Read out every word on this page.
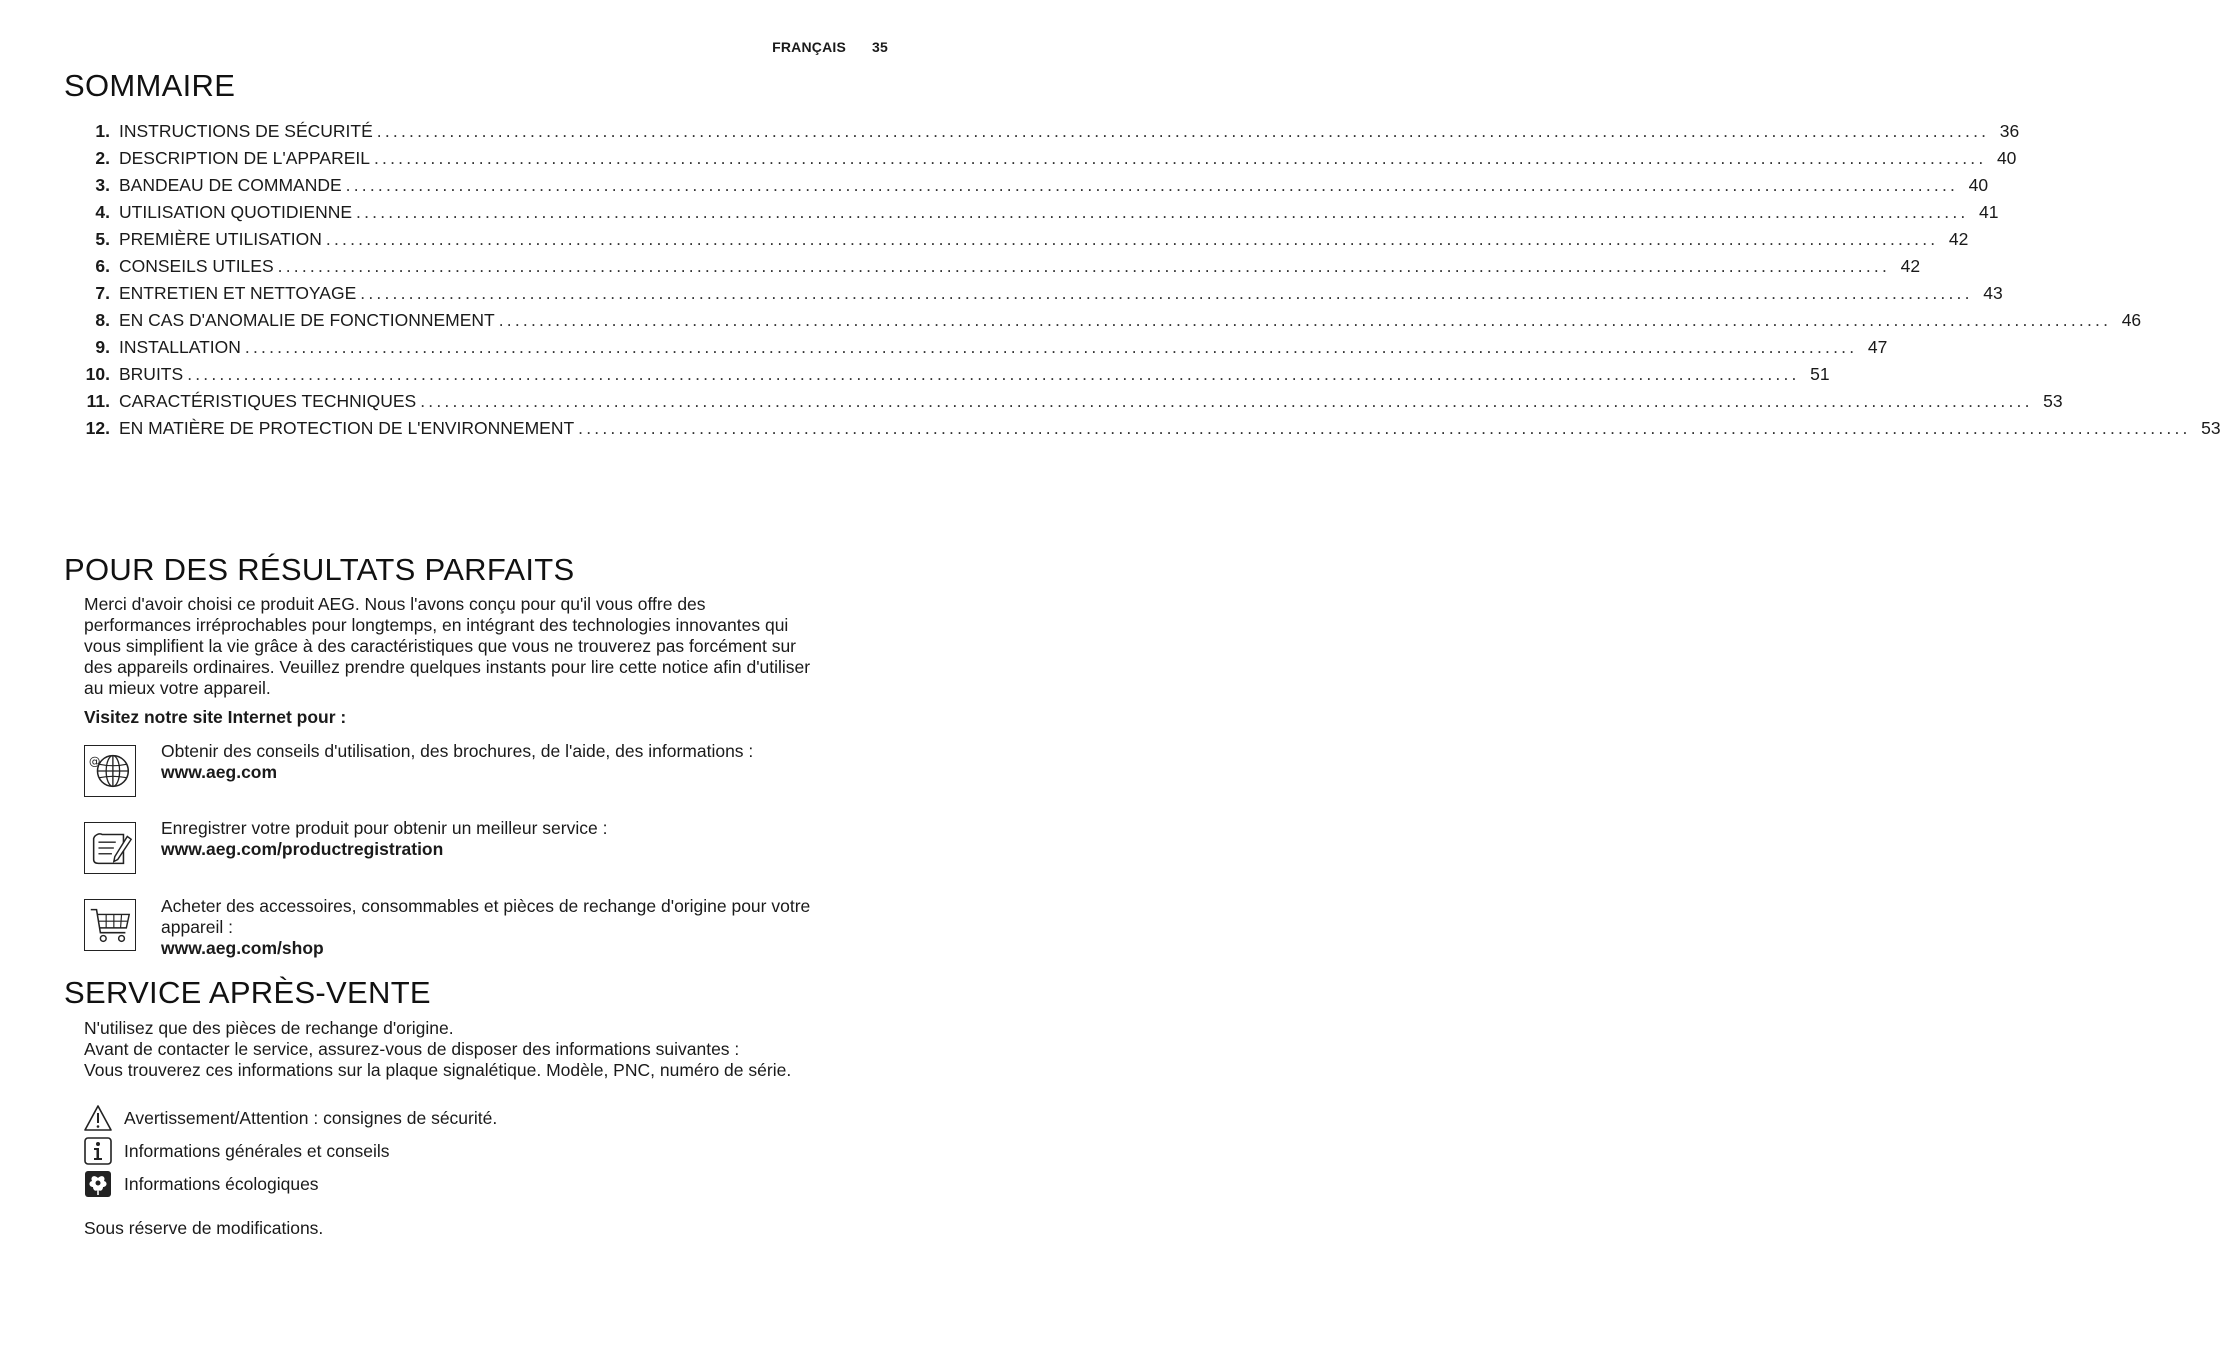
FRANÇAIS 35
SOMMAIRE
1. INSTRUCTIONS DE SÉCURITÉ ........................................................................................................................................................................................................ 36
2. DESCRIPTION DE L'APPAREIL ........................................................................................................................................................................................................ 40
3. BANDEAU DE COMMANDE ........................................................................................................................................................................................................ 40
4. UTILISATION QUOTIDIENNE ........................................................................................................................................................................................................ 41
5. PREMIÈRE UTILISATION ........................................................................................................................................................................................................ 42
6. CONSEILS UTILES ........................................................................................................................................................................................................ 42
7. ENTRETIEN ET NETTOYAGE ........................................................................................................................................................................................................ 43
8. EN CAS D'ANOMALIE DE FONCTIONNEMENT ........................................................................................................................................................................................................ 46
9. INSTALLATION ........................................................................................................................................................................................................ 47
10. BRUITS ........................................................................................................................................................................................................ 51
11. CARACTÉRISTIQUES TECHNIQUES ........................................................................................................................................................................................................ 53
12. EN MATIÈRE DE PROTECTION DE L'ENVIRONNEMENT ........................................................................................................................................................................................................ 53
POUR DES RÉSULTATS PARFAITS
Merci d'avoir choisi ce produit AEG. Nous l'avons conçu pour qu'il vous offre des
performances irréprochables pour longtemps, en intégrant des technologies innovantes qui
vous simplifient la vie grâce à des caractéristiques que vous ne trouverez pas forcément sur
des appareils ordinaires. Veuillez prendre quelques instants pour lire cette notice afin d'utiliser
au mieux votre appareil.
Visitez notre site Internet pour :
@
Obtenir des conseils d'utilisation, des brochures, de l'aide, des informations :
www.aeg.com
Enregistrer votre produit pour obtenir un meilleur service :
www.aeg.com/productregistration
Acheter des accessoires, consommables et pièces de rechange d'origine pour votre
appareil :
www.aeg.com/shop
SERVICE APRÈS-VENTE
N'utilisez que des pièces de rechange d'origine.
Avant de contacter le service, assurez-vous de disposer des informations suivantes :
Vous trouverez ces informations sur la plaque signalétique. Modèle, PNC, numéro de série.
Avertissement/Attention : consignes de sécurité.
Informations générales et conseils
Informations écologiques
Sous réserve de modifications.
